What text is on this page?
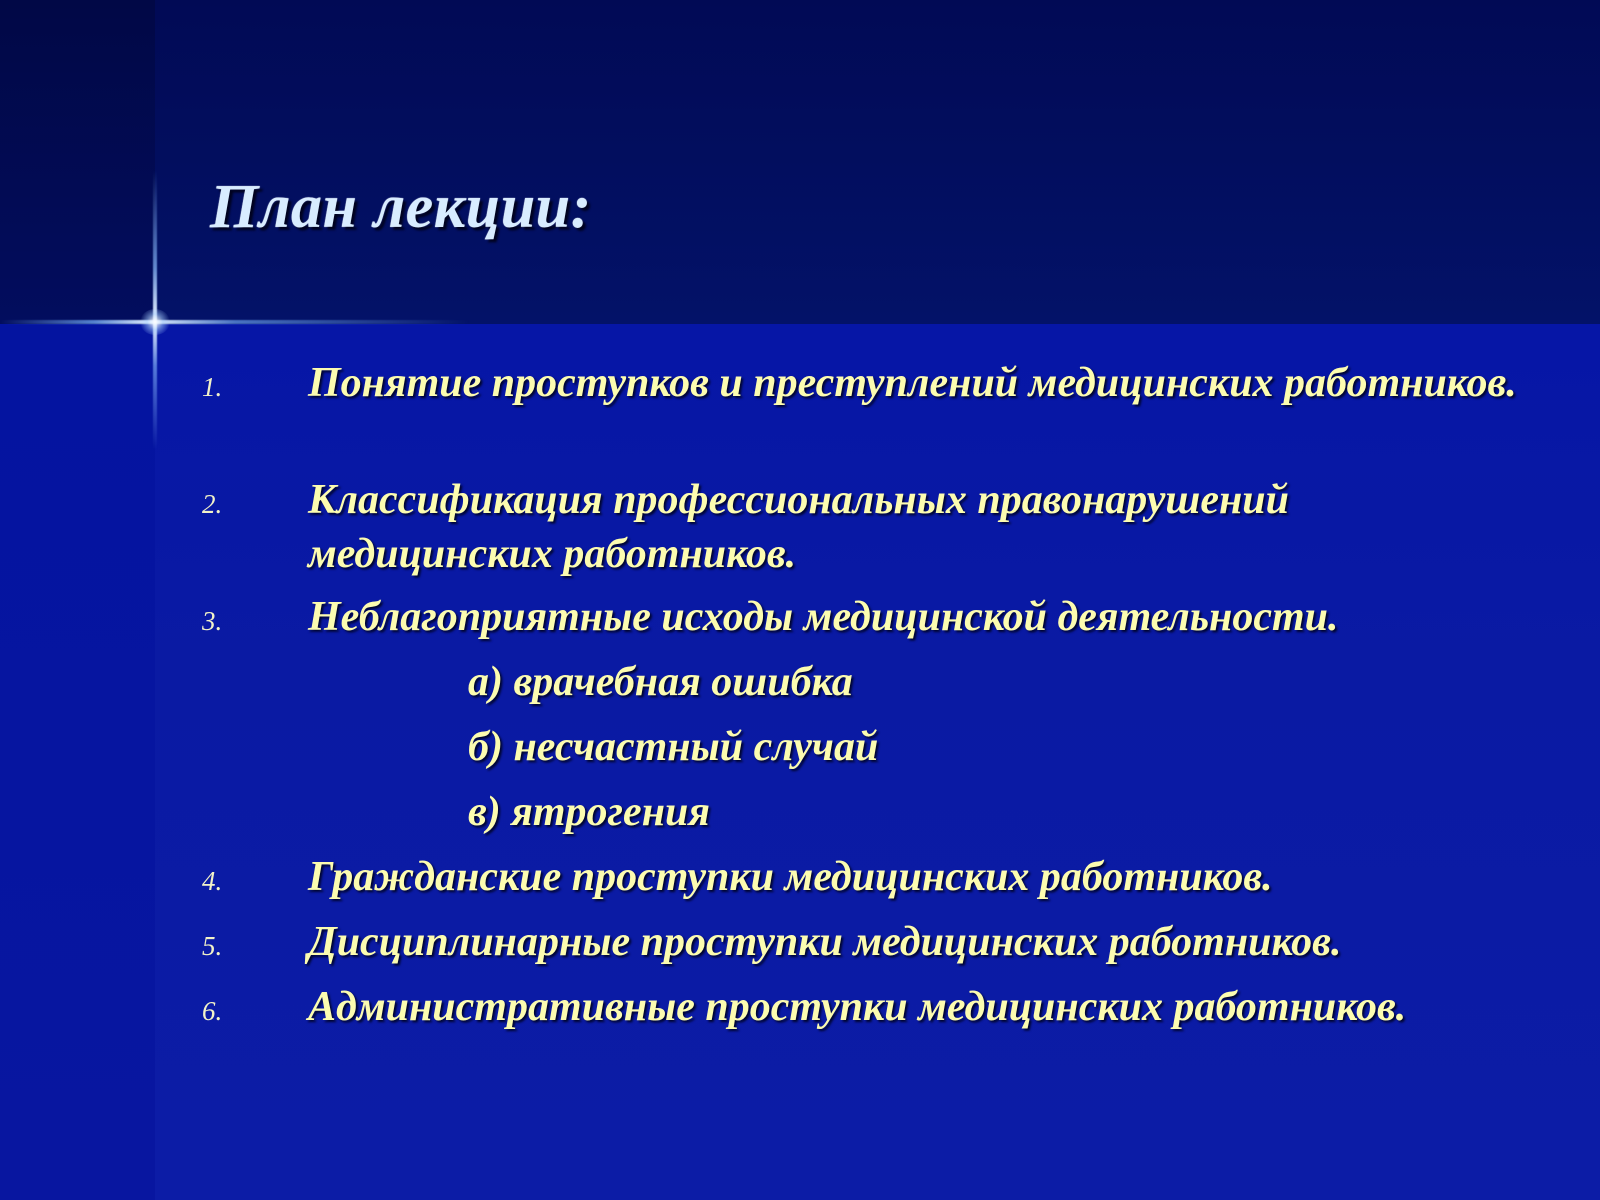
План лекции:
1. Понятие проступков и преступлений медицинских работников.
2. Классификация профессиональных правонарушений медицинских работников.
3. Неблагоприятные исходы медицинской деятельности.
а) врачебная ошибка
б) несчастный случай
в) ятрогения
4. Гражданские проступки медицинских работников.
5. Дисциплинарные проступки медицинских работников.
6. Административные проступки медицинских работников.
